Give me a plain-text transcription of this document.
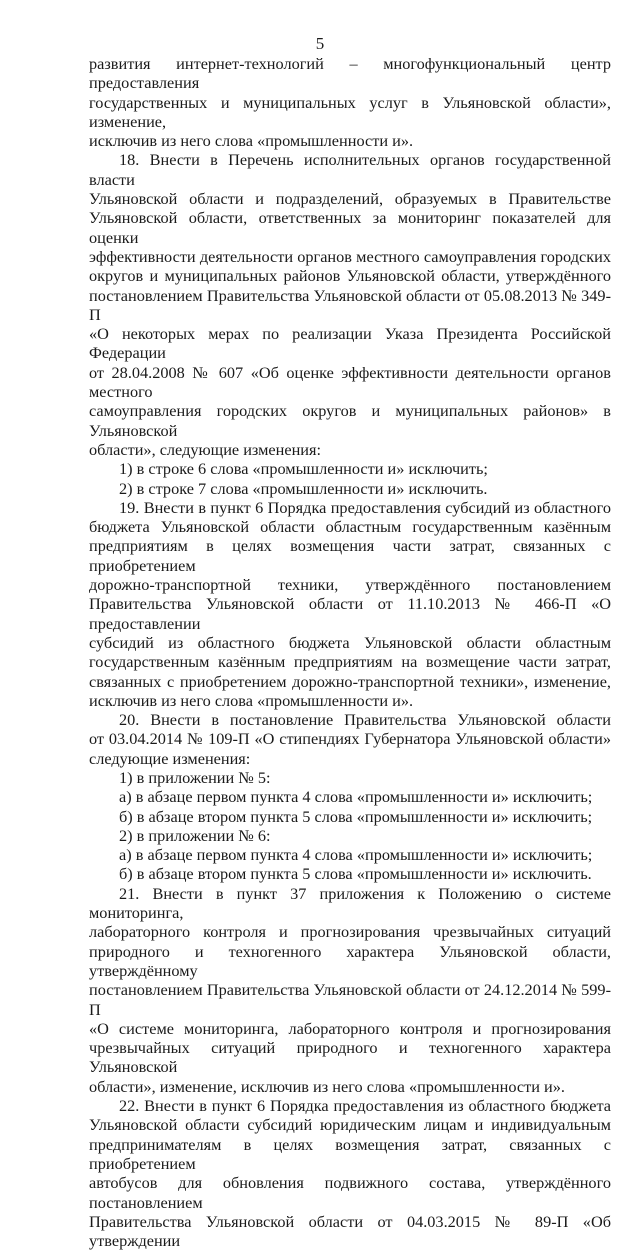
5

развития интернет-технологий – многофункциональный центр предоставления

государственных и муниципальных услуг в Ульяновской области», изменение,

исключив из него слова «промышленности и».

18. Внести в Перечень исполнительных органов государственной власти

Ульяновской области и подразделений, образуемых в Правительстве

Ульяновской области, ответственных за мониторинг показателей для оценки

эффективности деятельности органов местного самоуправления городских

округов и муниципальных районов Ульяновской области, утверждённого

постановлением Правительства Ульяновской области от 05.08.2013 № 349-П

«О некоторых мерах по реализации Указа Президента Российской Федерации

от 28.04.2008 № 607 «Об оценке эффективности деятельности органов местного

самоуправления городских округов и муниципальных районов» в Ульяновской

области», следующие изменения:

1) в строке 6 слова «промышленности и» исключить;

2) в строке 7 слова «промышленности и» исключить.

19. Внести в пункт 6 Порядка предоставления субсидий из областного

бюджета Ульяновской области областным государственным казённым

предприятиям в целях возмещения части затрат, связанных с приобретением

дорожно-транспортной техники, утверждённого постановлением

Правительства Ульяновской области от 11.10.2013 № 466-П «О предоставлении

субсидий из областного бюджета Ульяновской области областным

государственным казённым предприятиям на возмещение части затрат,

связанных с приобретением дорожно-транспортной техники», изменение,

исключив из него слова «промышленности и».

20. Внести в постановление Правительства Ульяновской области

от 03.04.2014 № 109-П «О стипендиях Губернатора Ульяновской области»

следующие изменения:

1) в приложении № 5:

а) в абзаце первом пункта 4 слова «промышленности и» исключить;

б) в абзаце втором пункта 5 слова «промышленности и» исключить;

2) в приложении № 6:

а) в абзаце первом пункта 4 слова «промышленности и» исключить;

б) в абзаце втором пункта 5 слова «промышленности и» исключить.

21. Внести в пункт 37 приложения к Положению о системе мониторинга,

лабораторного контроля и прогнозирования чрезвычайных ситуаций

природного и техногенного характера Ульяновской области, утверждённому

постановлением Правительства Ульяновской области от 24.12.2014 № 599-П

«О системе мониторинга, лабораторного контроля и прогнозирования

чрезвычайных ситуаций природного и техногенного характера Ульяновской

области», изменение, исключив из него слова «промышленности и».

22. Внести в пункт 6 Порядка предоставления из областного бюджета

Ульяновской области субсидий юридическим лицам и индивидуальным

предпринимателям в целях возмещения затрат, связанных с приобретением

автобусов для обновления подвижного состава, утверждённого постановлением

Правительства Ульяновской области от 04.03.2015 № 89-П «Об утверждении
